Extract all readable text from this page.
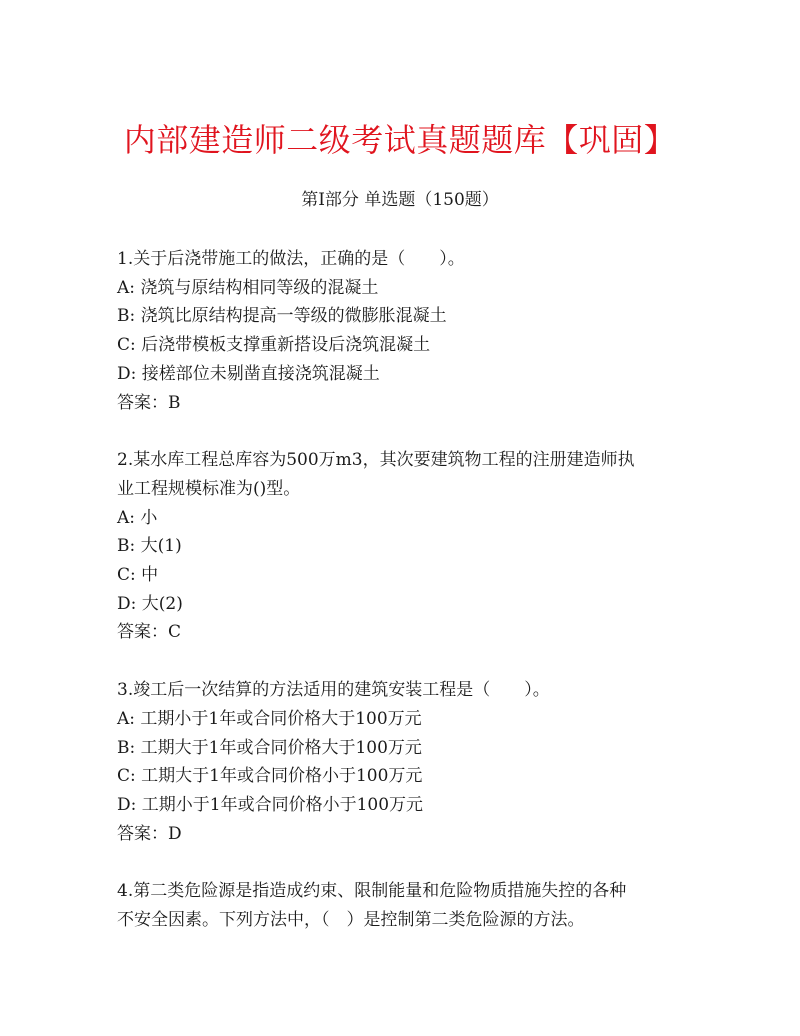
内部建造师二级考试真题题库【巩固】
第I部分 单选题（150题）
1.关于后浇带施工的做法，正确的是（　　）。
A: 浇筑与原结构相同等级的混凝土
B: 浇筑比原结构提高一等级的微膨胀混凝土
C: 后浇带模板支撑重新搭设后浇筑混凝土
D: 接槎部位未剔凿直接浇筑混凝土
答案：B
2.某水库工程总库容为500万m3，其次要建筑物工程的注册建造师执
业工程规模标准为()型。
A: 小
B: 大(1)
C: 中
D: 大(2)
答案：C
3.竣工后一次结算的方法适用的建筑安装工程是（　　）。
A: 工期小于1年或合同价格大于100万元
B: 工期大于1年或合同价格大于100万元
C: 工期大于1年或合同价格小于100万元
D: 工期小于1年或合同价格小于100万元
答案：D
4.第二类危险源是指造成约束、限制能量和危险物质措施失控的各种
不安全因素。下列方法中，（　）是控制第二类危险源的方法。
